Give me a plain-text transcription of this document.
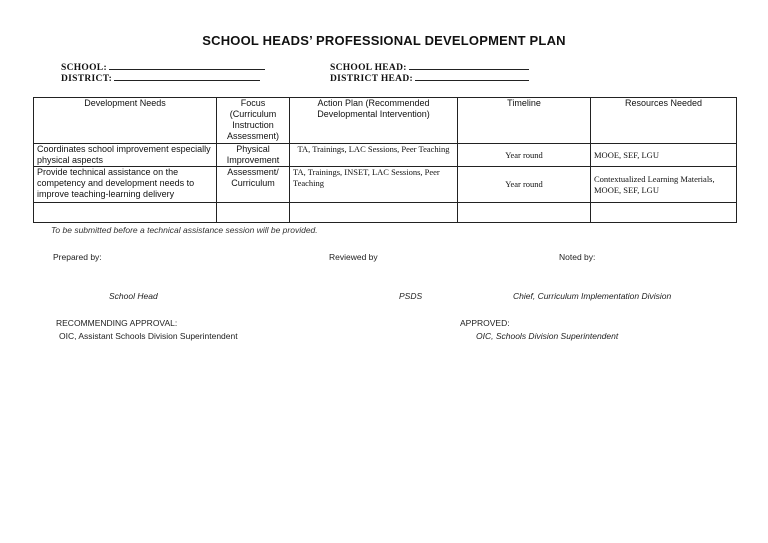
SCHOOL HEADS’ PROFESSIONAL DEVELOPMENT PLAN
SCHOOL:
DISTRICT:
SCHOOL HEAD:
DISTRICT HEAD:
Development Needs	Focus (Curriculum Instruction Assessment)	Action Plan (Recommended Developmental Intervention)	Timeline	Resources Needed
Coordinates school improvement especially physical aspects	Physical Improvement	TA, Trainings, LAC Sessions, Peer Teaching	Year round	MOOE, SEF, LGU
Provide technical assistance on the competency and development needs to improve teaching-learning delivery	Assessment/ Curriculum	TA, Trainings, INSET, LAC Sessions, Peer Teaching	Year round	Contextualized Learning Materials, MOOE, SEF, LGU

To be submitted before a technical assistance session will be provided.
Prepared by:	Reviewed by	Noted by:
School Head	PSDS	Chief, Curriculum Implementation Division
RECOMMENDING APPROVAL:
OIC, Assistant Schools Division Superintendent
APPROVED:
OIC, Schools Division Superintendent
